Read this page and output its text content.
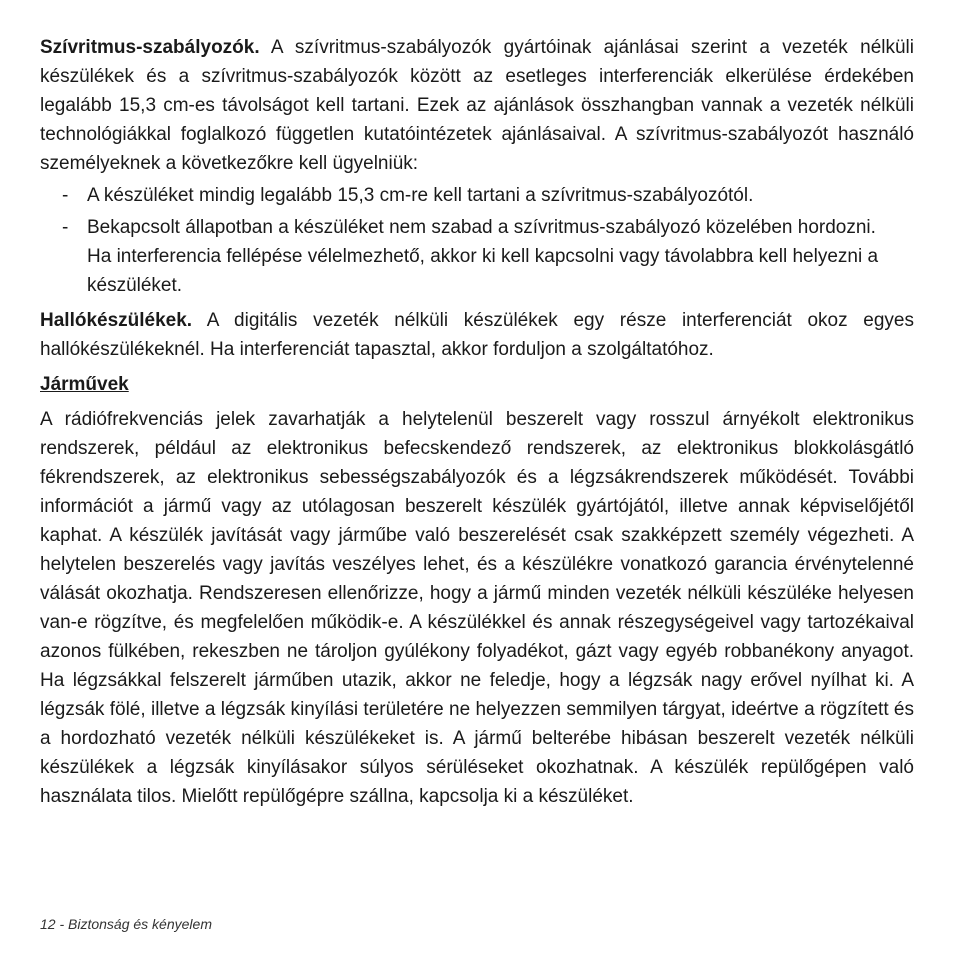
Szívritmus-szabályozók. A szívritmus-szabályozók gyártóinak ajánlásai szerint a vezeték nélküli készülékek és a szívritmus-szabályozók között az esetleges interferenciák elkerülése érdekében legalább 15,3 cm-es távolságot kell tartani. Ezek az ajánlások összhangban vannak a vezeték nélküli technológiákkal foglalkozó független kutatóintézetek ajánlásaival. A szívritmus-szabályozót használó személyeknek a következőkre kell ügyelniük:

- A készüléket mindig legalább 15,3 cm-re kell tartani a szívritmus-szabályozótól.
- Bekapcsolt állapotban a készüléket nem szabad a szívritmus-szabályozó közelében hordozni.
Ha interferencia fellépése vélelmezhető, akkor ki kell kapcsolni vagy távolabbra kell helyezni a készüléket.

Hallókészülékek. A digitális vezeték nélküli készülékek egy része interferenciát okoz egyes hallókészülékeknél. Ha interferenciát tapasztal, akkor forduljon a szolgáltatóhoz.

Járművek

A rádiófrekvenciás jelek zavarhatják a helytelenül beszerelt vagy rosszul árnyékolt elektronikus rendszerek, például az elektronikus befecskendező rendszerek, az elektronikus blokkolásgátló fékrendszerek, az elektronikus sebességszabályozók és a légzsákrendszerek működését. További információt a jármű vagy az utólagosan beszerelt készülék gyártójától, illetve annak képviselőjétől kaphat. A készülék javítását vagy járműbe való beszerelését csak szakképzett személy végezheti. A helytelen beszerelés vagy javítás veszélyes lehet, és a készülékre vonatkozó garancia érvénytelenné válását okozhatja. Rendszeresen ellenőrizze, hogy a jármű minden vezeték nélküli készüléke helyesen van-e rögzítve, és megfelelően működik-e. A készülékkel és annak részegységeivel vagy tartozékaival azonos fülkében, rekeszben ne tároljon gyúlékony folyadékot, gázt vagy egyéb robbanékony anyagot. Ha légzsákkal felszerelt járműben utazik, akkor ne feledje, hogy a légzsák nagy erővel nyílhat ki. A légzsák fölé, illetve a légzsák kinyílási területére ne helyezzen semmilyen tárgyat, ideértve a rögzített és a hordozható vezeték nélküli készülékeket is. A jármű belterébe hibásan beszerelt vezeték nélküli készülékek a légzsák kinyílásakor súlyos sérüléseket okozhatnak. A készülék repülőgépen való használata tilos. Mielőtt repülőgépre szállna, kapcsolja ki a készüléket.

12 - Biztonság és kényelem
